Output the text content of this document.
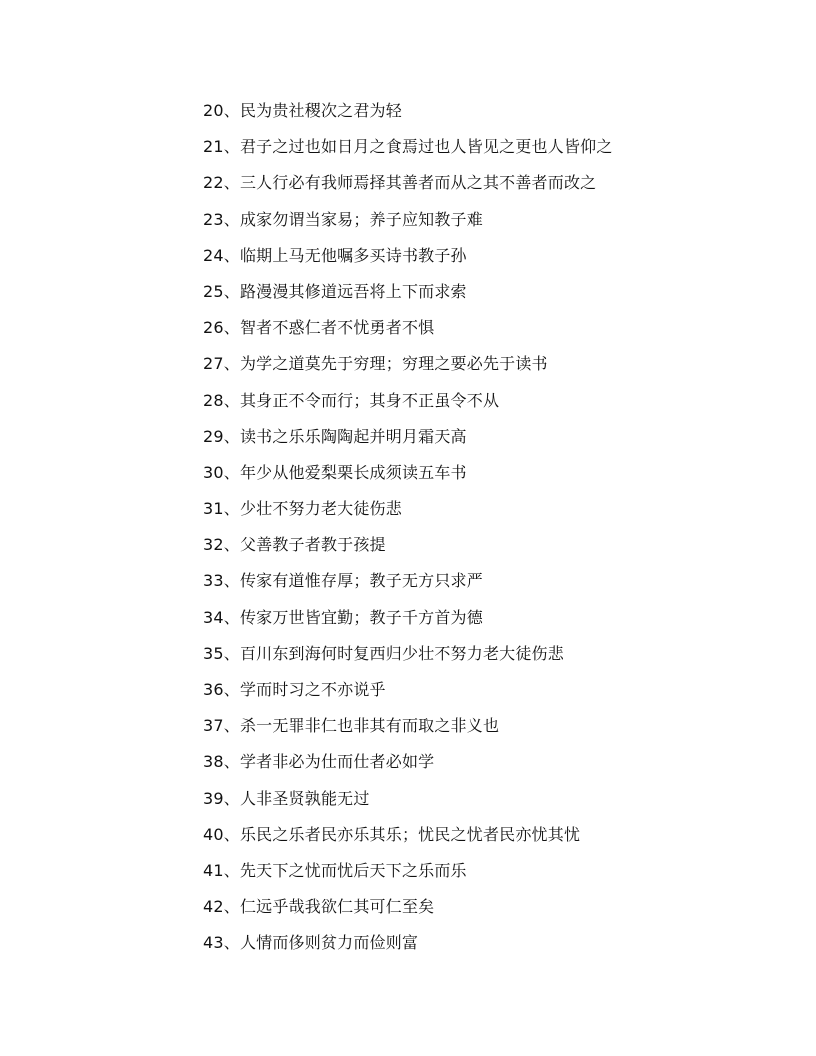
20、民为贵社稷次之君为轻
21、君子之过也如日月之食焉过也人皆见之更也人皆仰之
22、三人行必有我师焉择其善者而从之其不善者而改之
23、成家勿谓当家易；养子应知教子难
24、临期上马无他嘱多买诗书教子孙
25、路漫漫其修道远吾将上下而求索
26、智者不惑仁者不忧勇者不惧
27、为学之道莫先于穷理；穷理之要必先于读书
28、其身正不令而行；其身不正虽令不从
29、读书之乐乐陶陶起并明月霜天高
30、年少从他爱梨栗长成须读五车书
31、少壮不努力老大徒伤悲
32、父善教子者教于孩提
33、传家有道惟存厚；教子无方只求严
34、传家万世皆宜勤；教子千方首为德
35、百川东到海何时复西归少壮不努力老大徒伤悲
36、学而时习之不亦说乎
37、杀一无罪非仁也非其有而取之非义也
38、学者非必为仕而仕者必如学
39、人非圣贤孰能无过
40、乐民之乐者民亦乐其乐；忧民之忧者民亦忧其忧
41、先天下之忧而忧后天下之乐而乐
42、仁远乎哉我欲仁其可仁至矣
43、人情而侈则贫力而俭则富
